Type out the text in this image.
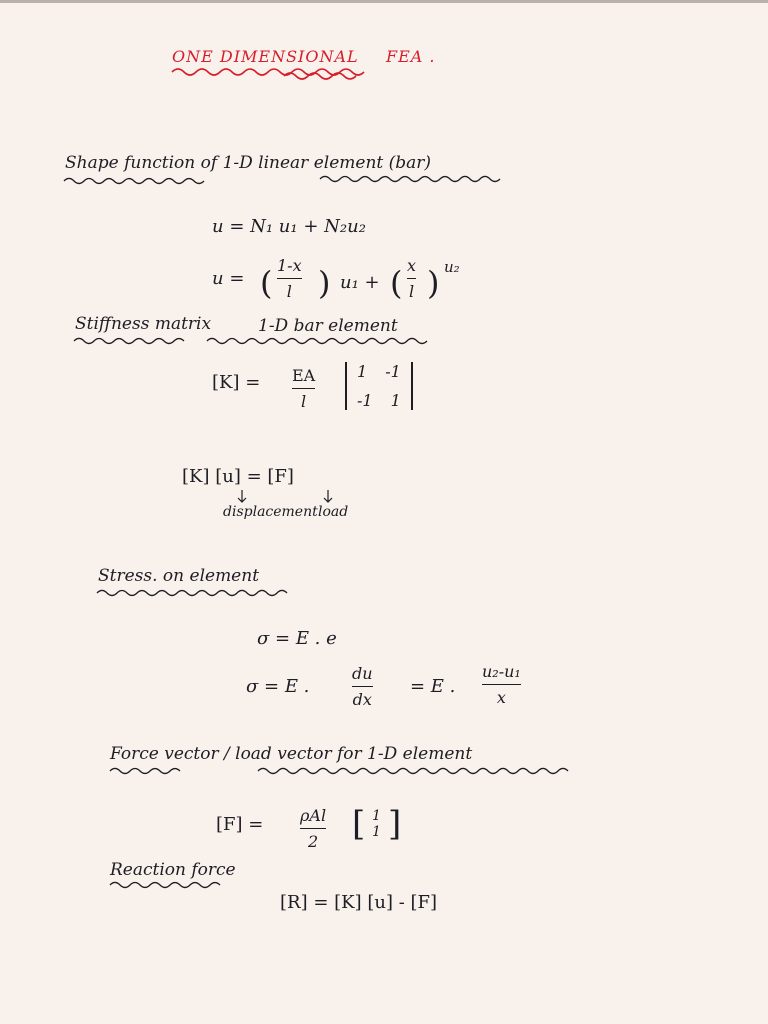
ONE DIMENSIONAL FEA .
Shape function of 1-D linear element (bar)
u = N₁ u₁ + N₂u₂
u = ( 1-x
l ) u₁ + ( x
l ) u₂
Stiffness matrix	1-D bar element
[K] = EA
l
1 -1
-1 1
[K] [u] = [F]
displacement load
Stress. on element
σ = E . e
σ = E .
du
dx
= E .
u₂-u₁
x
Force vector / load vector for 1-D element
[F] = ρAl
2 [ 1
1 ]
Reaction force
[R] = [K] [u] - [F]
